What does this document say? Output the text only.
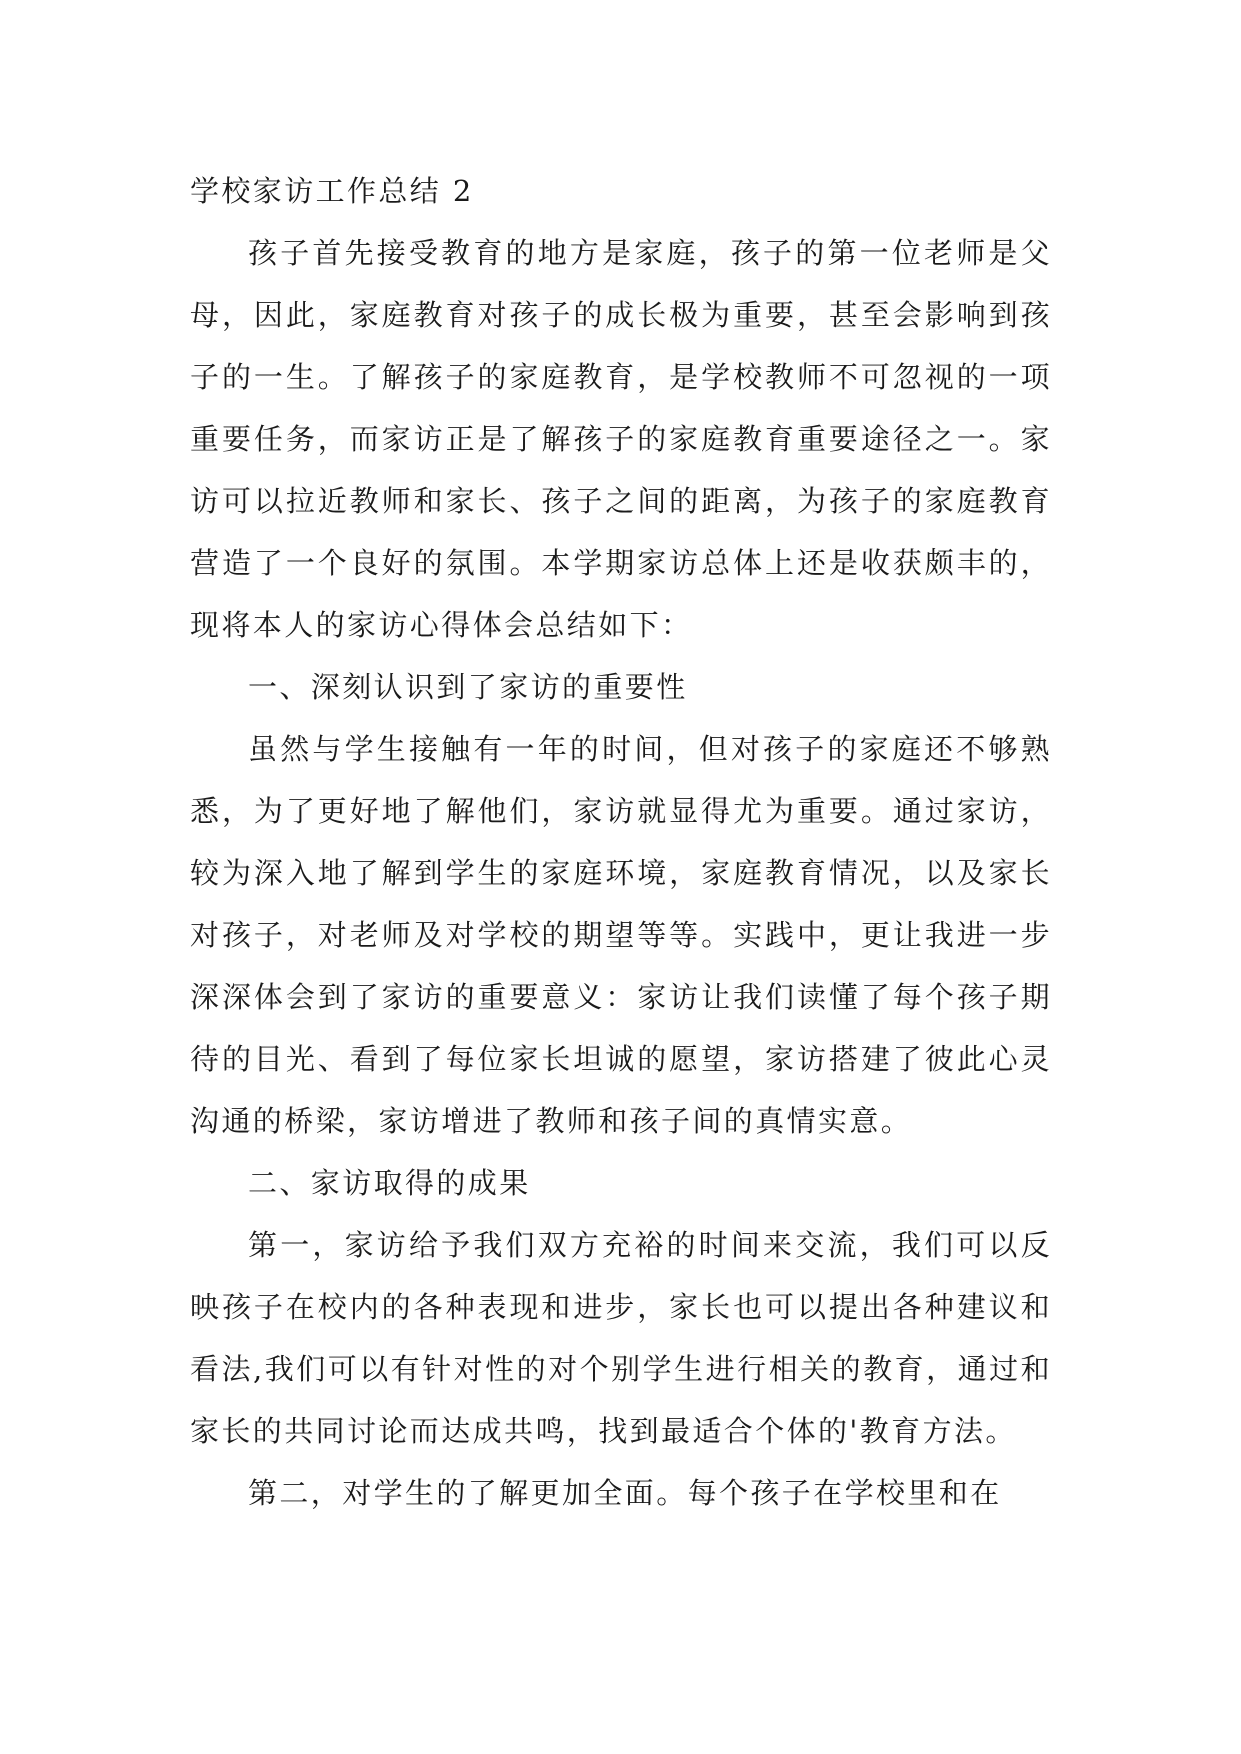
学校家访工作总结 2

孩子首先接受教育的地方是家庭，孩子的第一位老师是父母，因此，家庭教育对孩子的成长极为重要，甚至会影响到孩子的一生。了解孩子的家庭教育，是学校教师不可忽视的一项重要任务，而家访正是了解孩子的家庭教育重要途径之一。家访可以拉近教师和家长、孩子之间的距离，为孩子的家庭教育营造了一个良好的氛围。本学期家访总体上还是收获颇丰的，现将本人的家访心得体会总结如下：

一、深刻认识到了家访的重要性

虽然与学生接触有一年的时间，但对孩子的家庭还不够熟悉，为了更好地了解他们，家访就显得尤为重要。通过家访，较为深入地了解到学生的家庭环境，家庭教育情况，以及家长对孩子，对老师及对学校的期望等等。实践中，更让我进一步深深体会到了家访的重要意义：家访让我们读懂了每个孩子期待的目光、看到了每位家长坦诚的愿望，家访搭建了彼此心灵沟通的桥梁，家访增进了教师和孩子间的真情实意。

二、家访取得的成果

第一，家访给予我们双方充裕的时间来交流，我们可以反映孩子在校内的各种表现和进步，家长也可以提出各种建议和看法,我们可以有针对性的对个别学生进行相关的教育，通过和家长的共同讨论而达成共鸣，找到最适合个体的'教育方法。

第二，对学生的了解更加全面。每个孩子在学校里和在
